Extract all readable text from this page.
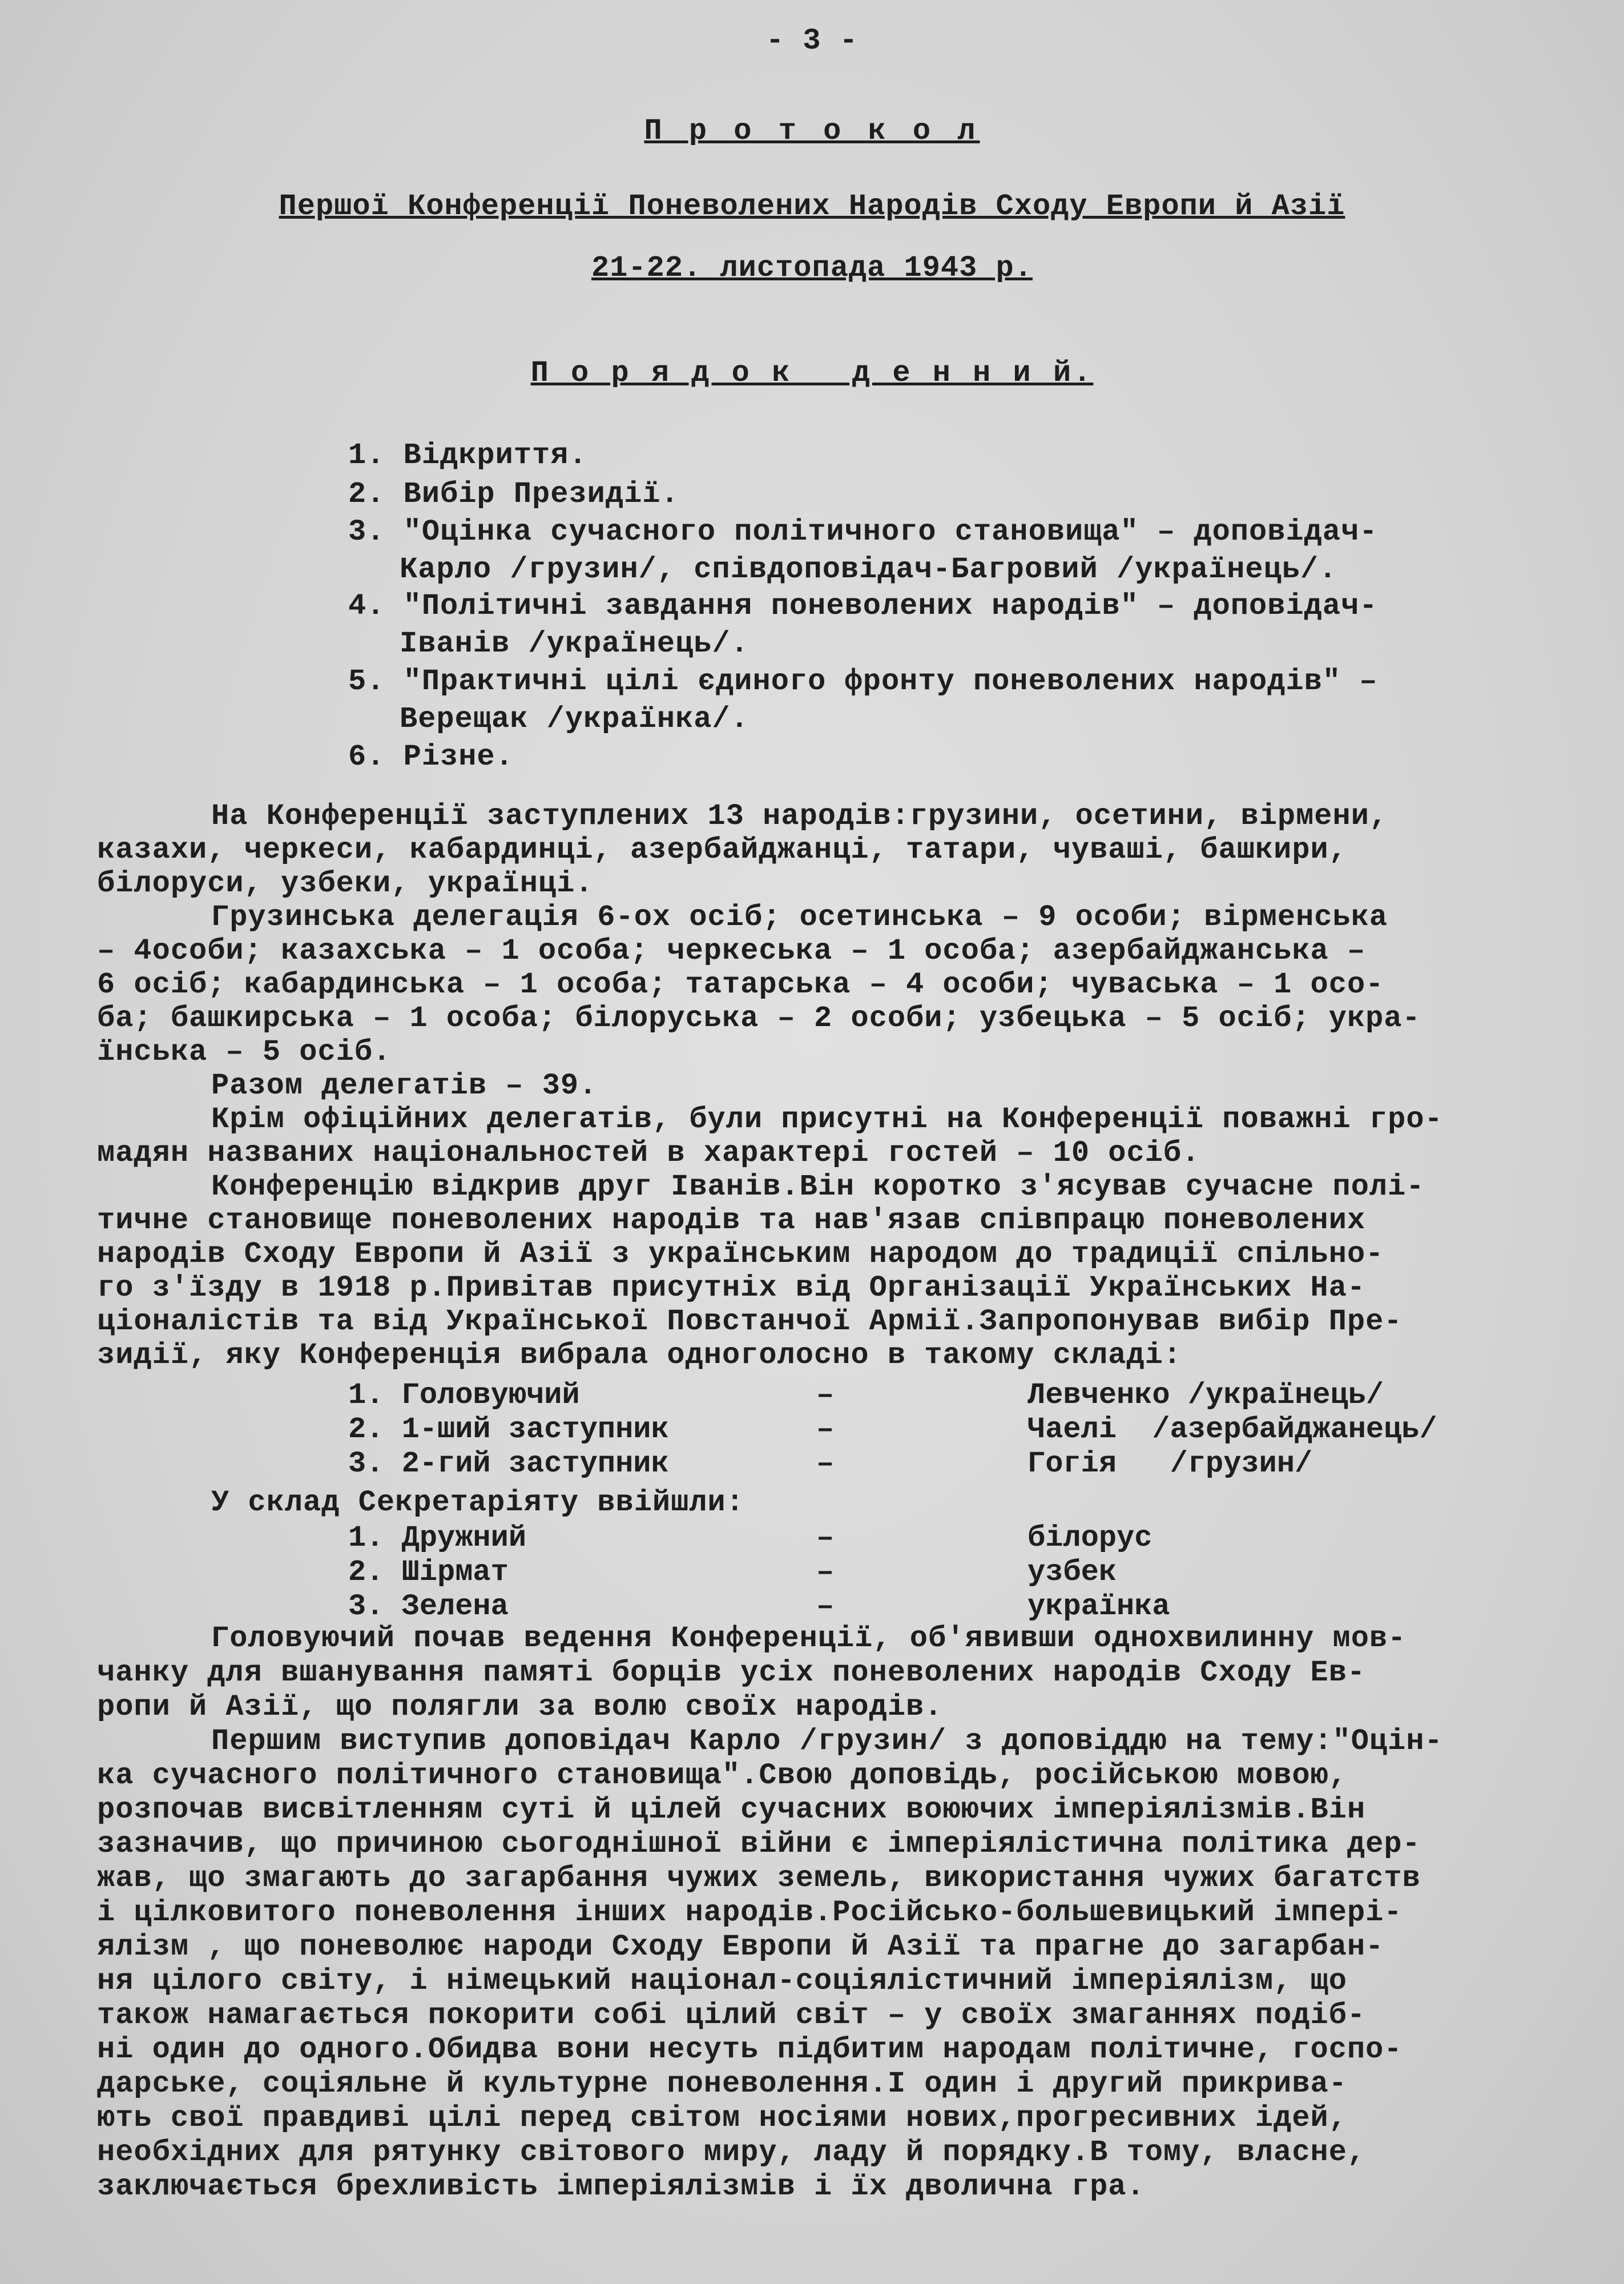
- 3 -
П р о т о к о л
Першої Конференції Поневолених Народів Сходу Европи й Азії
21-22. листопада 1943 р.
П о р я д о к   д е н н и й.
1. Відкриття.
2. Вибір Президії.
3. "Оцінка сучасного політичного становища" – доповідач-
Карло /грузин/, співдоповідач-Багровий /українець/.
4. "Політичні завдання поневолених народів" – доповідач-
Іванів /українець/.
5. "Практичні цілі єдиного фронту поневолених народів" –
Верещак /українка/.
6. Різне.
На Конференції заступлених 13 народів:грузини, осетини, вірмени,
казахи, черкеси, кабардинці, азербайджанці, татари, чуваші, башкири,
білоруси, узбеки, українці.
Грузинська делегація 6-ох осіб; осетинська – 9 особи; вірменська
– 4особи; казахська – 1 особа; черкеська – 1 особа; азербайджанська –
6 осіб; кабардинська – 1 особа; татарська – 4 особи; чуваська – 1 осо-
ба; башкирська – 1 особа; білоруська – 2 особи; узбецька – 5 осіб; укра-
їнська – 5 осіб.
Разом делегатів – 39.
Крім офіційних делегатів, були присутні на Конференції поважні гро-
мадян названих національностей в характері гостей – 10 осіб.
Конференцію відкрив друг Іванів.Він коротко з'ясував сучасне полі-
тичне становище поневолених народів та нав'язав співпрацю поневолених
народів Сходу Европи й Азії з українським народом до традиції спільно-
го з'їзду в 1918 р.Привітав присутніх від Організації Українських На-
ціоналістів та від Української Повстанчої Армії.Запропонував вибір Пре-
зидії, яку Конференція вибрала одноголосно в такому складі:
1. Головуючий	–	Левченко /українець/
2. 1-ший заступник	–	Чаелі  /азербайджанець/
3. 2-гий заступник	–	Гогія   /грузин/
У склад Секретаріяту ввійшли:
1. Дружний	–	білорус
2. Шірмат	–	узбек
3. Зелена	–	українка
Головуючий почав ведення Конференції, об'явивши однохвилинну мов-
чанку для вшанування памяті борців усіх поневолених народів Сходу Ев-
ропи й Азії, що полягли за волю своїх народів.
Першим виступив доповідач Карло /грузин/ з доповіддю на тему:"Оцін-
ка сучасного політичного становища".Свою доповідь, російською мовою,
розпочав висвітленням суті й цілей сучасних воюючих імперіялізмів.Він
зазначив, що причиною сьогоднішної війни є імперіялістична політика дер-
жав, що змагають до загарбання чужих земель, використання чужих багатств
і цілковитого поневолення інших народів.Російсько-большевицький імпері-
ялізм , що поневолює народи Сходу Европи й Азії та прагне до загарбан-
ня цілого світу, і німецький націонал-соціялістичний імперіялізм, що
також намагається покорити собі цілий світ – у своїх змаганнях подіб-
ні один до одного.Обидва вони несуть підбитим народам політичне, госпо-
дарське, соціяльне й культурне поневолення.І один і другий прикрива-
ють свої правдиві цілі перед світом носіями нових,прогресивних ідей,
необхідних для рятунку світового миру, ладу й порядку.В тому, власне,
заключається брехливість імперіялізмів і їх дволична гра.
